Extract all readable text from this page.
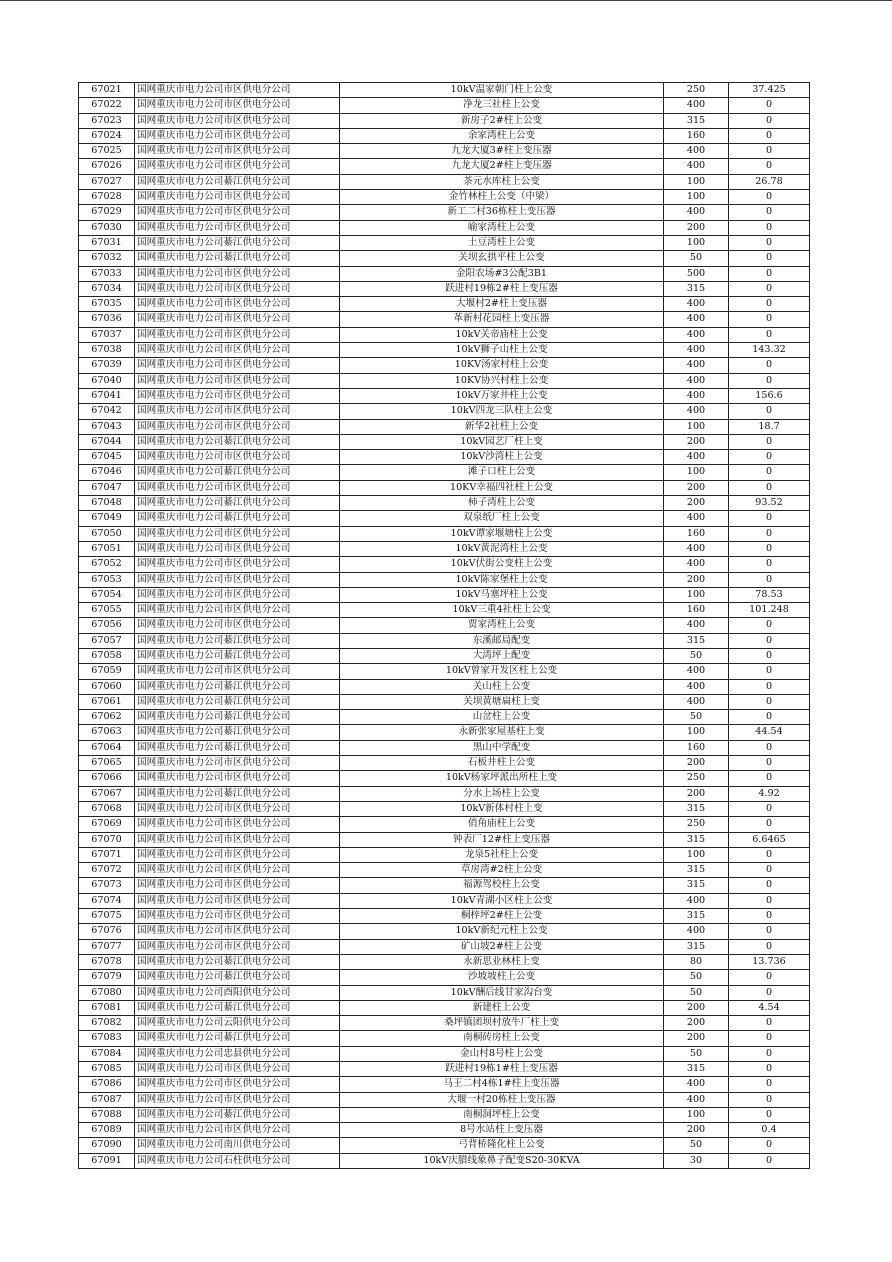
67021	国网重庆市电力公司市区供电分公司	10kV温家朝门柱上公变	250	37.425
67022	国网重庆市电力公司市区供电分公司	净龙三社柱上公变	400	0
67023	国网重庆市电力公司市区供电分公司	新房子2#柱上公变	315	0
67024	国网重庆市电力公司市区供电分公司	余家湾柱上公变	160	0
67025	国网重庆市电力公司市区供电分公司	九龙大厦3#柱上变压器	400	0
67026	国网重庆市电力公司市区供电分公司	九龙大厦2#柱上变压器	400	0
67027	国网重庆市电力公司綦江供电分公司	茶元水库柱上公变	100	26.78
67028	国网重庆市电力公司市区供电分公司	金竹林柱上公变（中梁）	100	0
67029	国网重庆市电力公司市区供电分公司	新工二村36栋柱上变压器	400	0
67030	国网重庆市电力公司市区供电分公司	喻家湾柱上公变	200	0
67031	国网重庆市电力公司綦江供电分公司	土豆湾柱上公变	100	0
67032	国网重庆市电力公司綦江供电分公司	关坝玄拱平柱上公变	50	0
67033	国网重庆市电力公司市区供电分公司	金阳农场#3公配3B1	500	0
67034	国网重庆市电力公司市区供电分公司	跃进村19栋2#柱上变压器	315	0
67035	国网重庆市电力公司市区供电分公司	大堰村2#柱上变压器	400	0
67036	国网重庆市电力公司市区供电分公司	革新村花园柱上变压器	400	0
67037	国网重庆市电力公司市区供电分公司	10kV关帝庙柱上公变	400	0
67038	国网重庆市电力公司市区供电分公司	10kV狮子山柱上公变	400	143.32
67039	国网重庆市电力公司市区供电分公司	10KV汤家村柱上公变	400	0
67040	国网重庆市电力公司市区供电分公司	10KV协兴村柱上公变	400	0
67041	国网重庆市电力公司市区供电分公司	10kV万家井柱上公变	400	156.6
67042	国网重庆市电力公司市区供电分公司	10kV四龙三队柱上公变	400	0
67043	国网重庆市电力公司市区供电分公司	新华2社柱上公变	100	18.7
67044	国网重庆市电力公司綦江供电分公司	10kV园艺厂柱上变	200	0
67045	国网重庆市电力公司市区供电分公司	10kV沙湾柱上公变	400	0
67046	国网重庆市电力公司綦江供电分公司	滩子口柱上公变	100	0
67047	国网重庆市电力公司市区供电分公司	10KV幸福四社柱上公变	200	0
67048	国网重庆市电力公司綦江供电分公司	柿子湾柱上公变	200	93.52
67049	国网重庆市电力公司綦江供电分公司	双泉纸厂柱上公变	400	0
67050	国网重庆市电力公司市区供电分公司	10kV谭家堰塘柱上公变	160	0
67051	国网重庆市电力公司市区供电分公司	10kV黄泥湾柱上公变	400	0
67052	国网重庆市电力公司市区供电分公司	10kV伏街公变柱上公变	400	0
67053	国网重庆市电力公司市区供电分公司	10kV陈家堡柱上公变	200	0
67054	国网重庆市电力公司市区供电分公司	10kV马塞坪柱上公变	100	78.53
67055	国网重庆市电力公司市区供电分公司	10kV三重4社柱上公变	160	101.248
67056	国网重庆市电力公司市区供电分公司	贾家湾柱上公变	400	0
67057	国网重庆市电力公司綦江供电分公司	东溪邮局配变	315	0
67058	国网重庆市电力公司綦江供电分公司	大湾坪上配变	50	0
67059	国网重庆市电力公司市区供电分公司	10kV曾家开发区柱上公变	400	0
67060	国网重庆市电力公司綦江供电分公司	关山柱上公变	400	0
67061	国网重庆市电力公司綦江供电分公司	关坝黄塘扁柱上变	400	0
67062	国网重庆市电力公司綦江供电分公司	山岔柱上公变	50	0
67063	国网重庆市电力公司綦江供电分公司	永新张家屋基柱上变	100	44.54
67064	国网重庆市电力公司綦江供电分公司	黑山中学配变	160	0
67065	国网重庆市电力公司市区供电分公司	石板井柱上公变	200	0
67066	国网重庆市电力公司市区供电分公司	10kV杨家坪派出所柱上变	250	0
67067	国网重庆市电力公司綦江供电分公司	分水上场柱上公变	200	4.92
67068	国网重庆市电力公司市区供电分公司	10kV新体村柱上变	315	0
67069	国网重庆市电力公司市区供电分公司	俏角庙柱上公变	250	0
67070	国网重庆市电力公司市区供电分公司	钟表厂12#柱上变压器	315	6.6465
67071	国网重庆市电力公司市区供电分公司	龙泉5社柱上公变	100	0
67072	国网重庆市电力公司市区供电分公司	草房湾#2柱上公变	315	0
67073	国网重庆市电力公司市区供电分公司	福源驾校柱上公变	315	0
67074	国网重庆市电力公司市区供电分公司	10kV青湖小区柱上公变	400	0
67075	国网重庆市电力公司市区供电分公司	桐梓坪2#柱上公变	315	0
67076	国网重庆市电力公司市区供电分公司	10kV新纪元柱上公变	400	0
67077	国网重庆市电力公司市区供电分公司	矿山坡2#柱上公变	315	0
67078	国网重庆市电力公司綦江供电分公司	永新思业林柱上变	80	13.736
67079	国网重庆市电力公司綦江供电分公司	沙坡坡柱上公变	50	0
67080	国网重庆市电力公司酉阳供电分公司	10kV酬后线甘家沟台变	50	0
67081	国网重庆市电力公司綦江供电分公司	新建柱上公变	200	4.54
67082	国网重庆市电力公司云阳供电分公司	桑坪镇团坝村放牛厂柱上变	200	0
67083	国网重庆市电力公司綦江供电分公司	南桐砖房柱上公变	200	0
67084	国网重庆市电力公司忠县供电分公司	金山村8号柱上公变	50	0
67085	国网重庆市电力公司市区供电分公司	跃进村19栋1#柱上变压器	315	0
67086	国网重庆市电力公司市区供电分公司	马王二村4栋1#柱上变压器	400	0
67087	国网重庆市电力公司市区供电分公司	大堰一村20栋柱上变压器	400	0
67088	国网重庆市电力公司綦江供电分公司	南桐洞坪柱上公变	100	0
67089	国网重庆市电力公司市区供电分公司	8号水站柱上变压器	200	0.4
67090	国网重庆市电力公司南川供电分公司	弓背桥隆化柱上公变	50	0
67091	国网重庆市电力公司石柱供电分公司	10kV庆腊线象鼻子配变S20-30KVA	30	0
